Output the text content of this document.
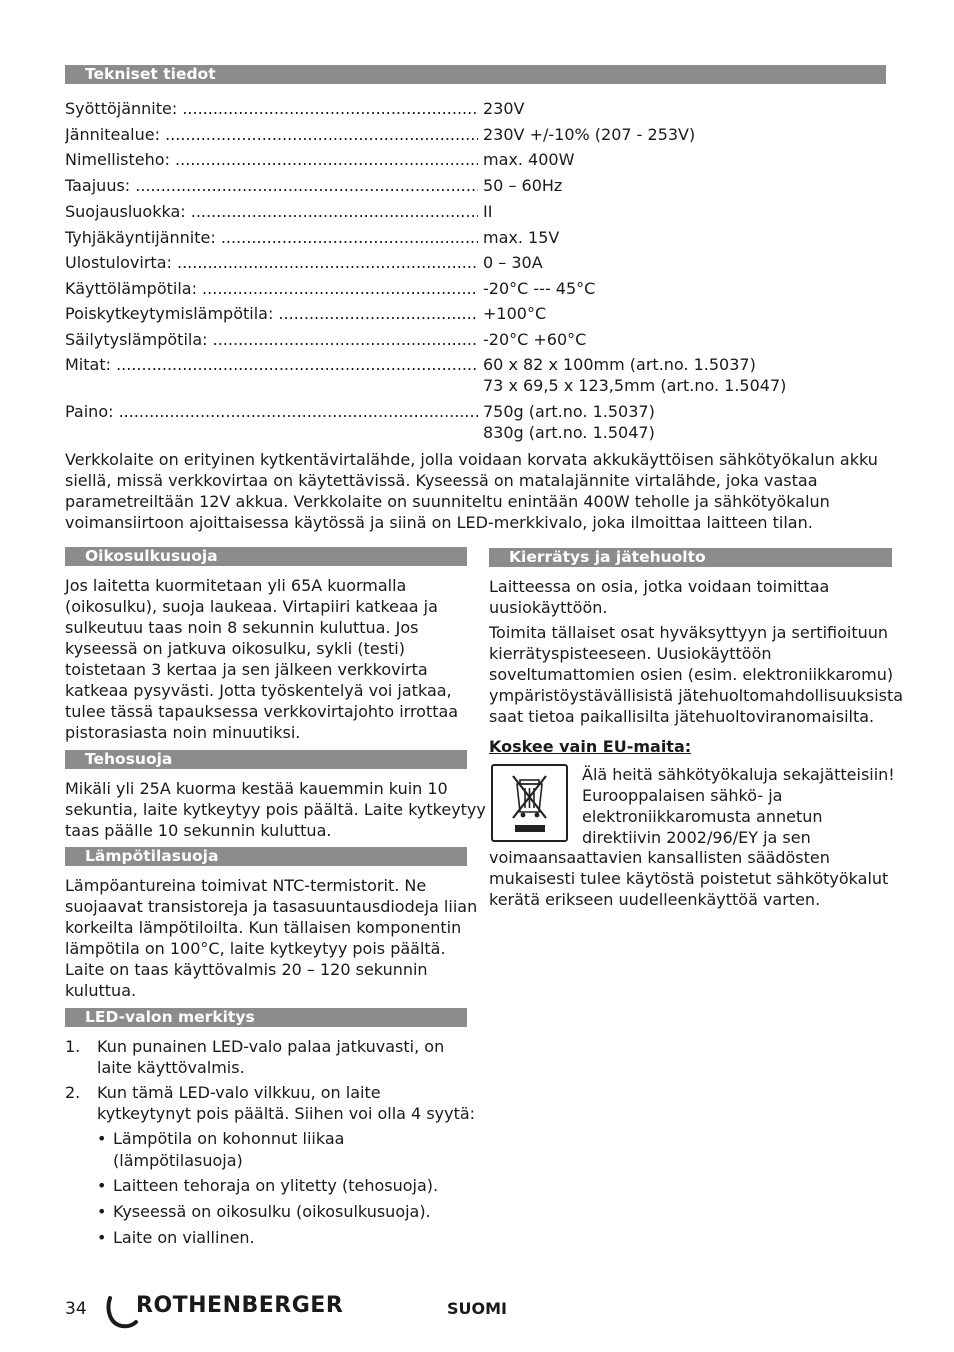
Tekniset tiedot
Syöttöjännite: .....	230V
Jännitealue: .....	230V +/-10% (207 - 253V)
Nimellisteho: .....	max. 400W
Taajuus: .....	50 – 60Hz
Suojausluokka: .....	II
Tyhjäkäyntijännite: .....	max. 15V
Ulostulovirta: .....	0 – 30A
Käyttölämpötila: .....	-20°C --- 45°C
Poiskytkeytymislämpötila: .....	+100°C
Säilytyslämpötila: .....	-20°C +60°C
Mitat: .....	60 x 82 x 100mm (art.no. 1.5037)
73 x 69,5 x 123,5mm (art.no. 1.5047)
Paino: .....	750g (art.no. 1.5037)
830g (art.no. 1.5047)
Verkkolaite on erityinen kytkentävirtalähde, jolla voidaan korvata akkukäyttöisen sähkötyökalun akku
siellä, missä verkkovirtaa on käytettävissä. Kyseessä on matalajännite virtalähde, joka vastaa
parametreiltään 12V akkua. Verkkolaite on suunniteltu enintään 400W teholle ja sähkötyökalun
voimansiirtoon ajoittaisessa käytössä ja siinä on LED-merkkivalo, joka ilmoittaa laitteen tilan.
Oikosulkusuoja
Jos laitetta kuormitetaan yli 65A kuormalla
(oikosulku), suoja laukeaa. Virtapiiri katkeaa ja
sulkeutuu taas noin 8 sekunnin kuluttua. Jos
kyseessä on jatkuva oikosulku, sykli (testi)
toistetaan 3 kertaa ja sen jälkeen verkkovirta
katkeaa pysyvästi. Jotta työskentelyä voi jatkaa,
tulee tässä tapauksessa verkkovirtajohto irrottaa
pistorasiasta noin minuutiksi.
Tehosuoja
Mikäli yli 25A kuorma kestää kauemmin kuin 10
sekuntia, laite kytkeytyy pois päältä. Laite kytkeytyy
taas päälle 10 sekunnin kuluttua.
Lämpötilasuoja
Lämpöantureina toimivat NTC-termistorit. Ne
suojaavat transistoreja ja tasasuuntausdiodeja liian
korkeilta lämpötiloilta. Kun tällaisen komponentin
lämpötila on 100°C, laite kytkeytyy pois päältä.
Laite on taas käyttövalmis 20 – 120 sekunnin
kuluttua.
LED-valon merkitys
1. Kun punainen LED-valo palaa jatkuvasti, on
laite käyttövalmis.
2. Kun tämä LED-valo vilkkuu, on laite
kytkeytynyt pois päältä. Siihen voi olla 4 syytä:
• Lämpötila on kohonnut liikaa
(lämpötilasuoja)
• Laitteen tehoraja on ylitetty (tehosuoja).
• Kyseessä on oikosulku (oikosulkusuoja).
• Laite on viallinen.
Kierrätys ja jätehuolto
Laitteessa on osia, jotka voidaan toimittaa
uusiokäyttöön.
Toimita tällaiset osat hyväksyttyyn ja sertifioituun
kierrätyspisteeseen. Uusiokäyttöön
soveltumattomien osien (esim. elektroniikkaromu)
ympäristöystävällisistä jätehuoltomahdollisuuksista
saat tietoa paikallisilta jätehuoltoviranomaisilta.
Koskee vain EU-maita:
Älä heitä sähkötyökaluja sekajätteisiin!
Eurooppalaisen sähkö- ja
elektroniikkaromusta annetun
direktiivin 2002/96/EY ja sen
voimaansaattavien kansallisten säädösten
mukaisesti tulee käytöstä poistetut sähkötyökalut
kerätä erikseen uudelleenkäyttöä varten.
34 ROTHENBERGER	SUOMI
